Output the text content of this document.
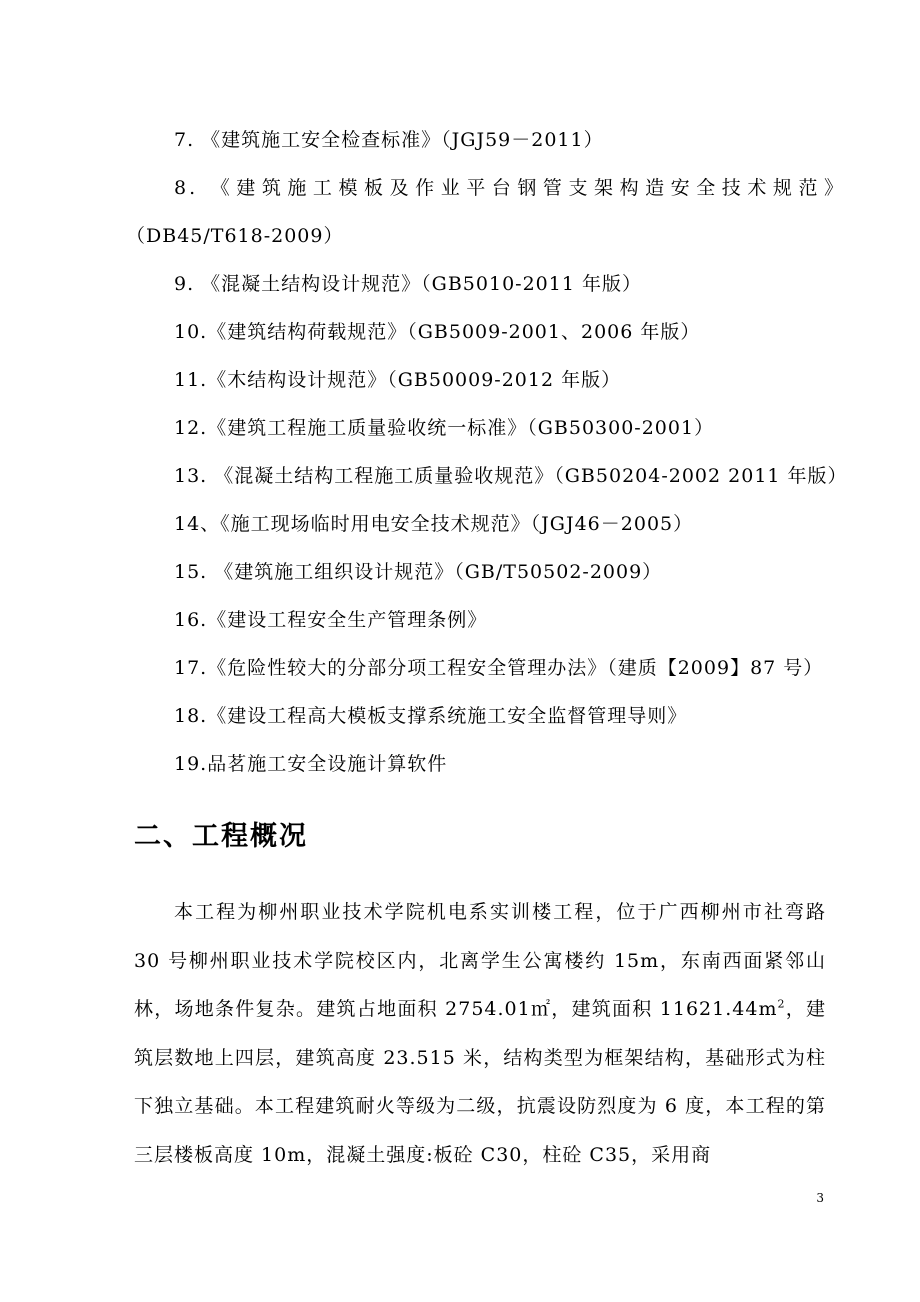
7. 《建筑施工安全检查标准》（JGJ59－2011）
8. 《建筑施工模板及作业平台钢管支架构造安全技术规范》
（DB45/T618-2009）
9. 《混凝土结构设计规范》（GB5010-2011 年版）
10.《建筑结构荷载规范》（GB5009-2001、2006 年版）
11.《木结构设计规范》（GB50009-2012 年版）
12.《建筑工程施工质量验收统一标准》（GB50300-2001）
13. 《混凝土结构工程施工质量验收规范》（GB50204-2002 2011 年版）
14、《施工现场临时用电安全技术规范》（JGJ46－2005）
15. 《建筑施工组织设计规范》（GB/T50502-2009）
16.《建设工程安全生产管理条例》
17.《危险性较大的分部分项工程安全管理办法》（建质【2009】87 号）
18.《建设工程高大模板支撑系统施工安全监督管理导则》
19.品茗施工安全设施计算软件
二、工程概况

本工程为柳州职业技术学院机电系实训楼工程，位于广西柳州市社弯路 30 号柳州职业技术学院校区内，北离学生公寓楼约 15m，东南西面紧邻山林，场地条件复杂。建筑占地面积 2754.01㎡，建筑面积 $11621.44m^2$，建筑层数地上四层，建筑高度 23.515 米，结构类型为框架结构，基础形式为柱下独立基础。本工程建筑耐火等级为二级，抗震设防烈度为 6 度，本工程的第三层楼板高度 10m，混凝土强度:板砼 C30，柱砼 C35，采用商

3
